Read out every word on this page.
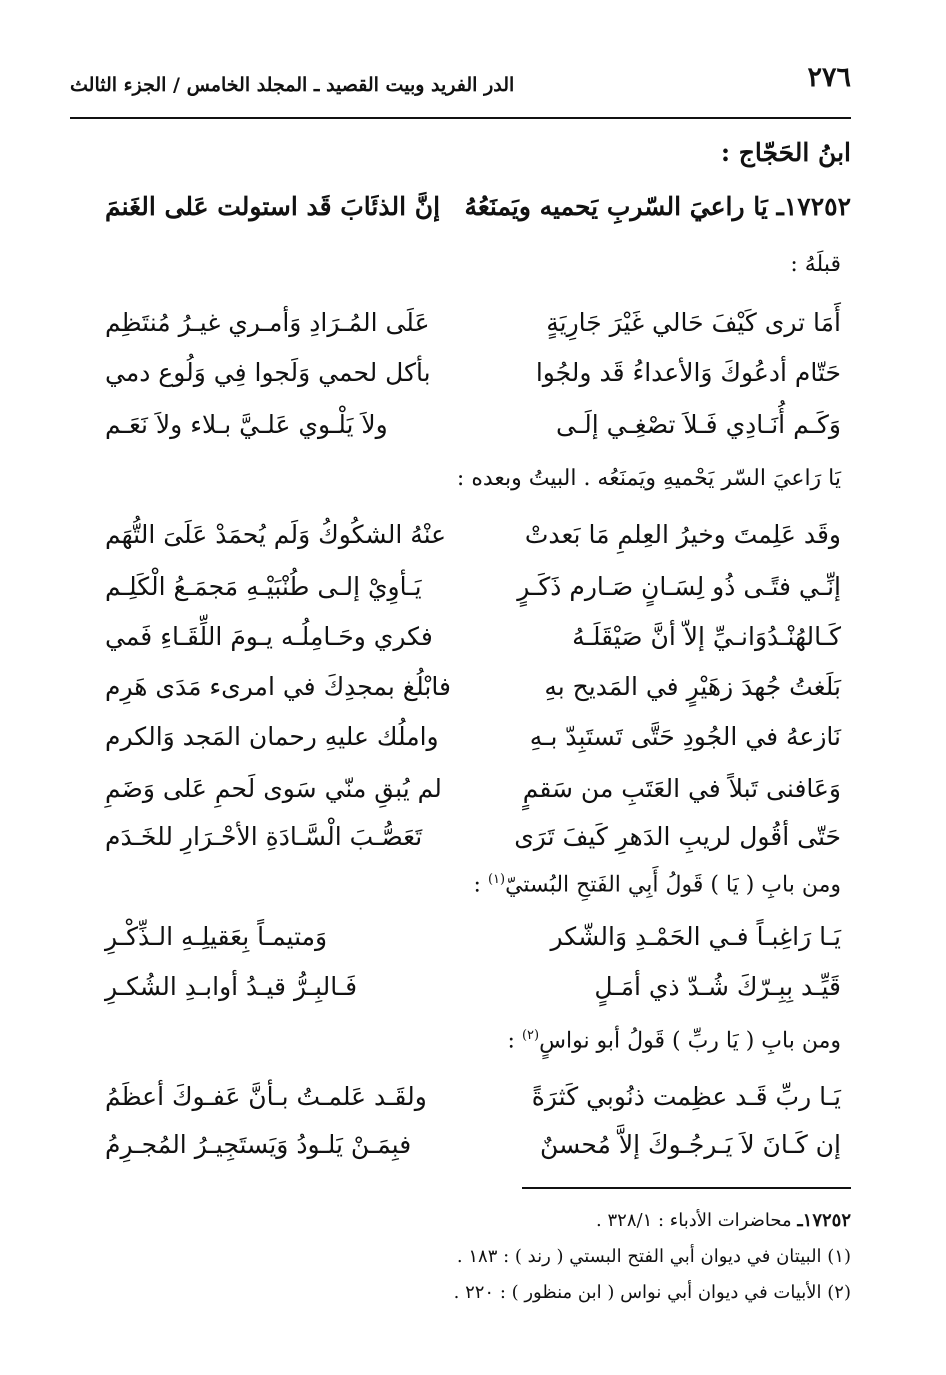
٢٧٦
الدر الفريد وبيت القصيد ـ المجلد الخامس / الجزء الثالث
ابنُ الحَجّاج :
١٧٢٥٢ـ يَا راعيَ السّربِ يَحميه ويَمنَعُهُ
إنَّ الذئَابَ قَد استولت عَلى الغَنمَ
قبلَهُ :
أَمَا ترى كَيْفَ حَالي غَيْرَ جَارِيَةٍ
عَلَى المُـرَادِ وَأمـري غيـرُ مُنتَظِم
حَتّام أدعُوكَ وَالأعداءُ قَد ولجُوا
بأكل لحمي وَلَجوا فِي وَلُوع دمي
وَكَـم أُنَـادِي فَـلاَ تصْغِـي إلَـى
ولاَ يَلْـوي عَلـيَّ بـلاء ولاَ نَعَـم
يَا رَاعيَ السّر يَحْميهِ ويَمنَعُه . البيتُ وبعده :
وقَد عَلِمتَ وخيرُ العِلمِ مَا بَعدتْ
عنْهُ الشكُوكُ وَلَم يُحمَدْ عَلَىَ التُّهَم
إنِّـي فتًـى ذُو لِسَـانٍ صَـارم ذَكَـرٍ
يَـأوِيْ إلـى طُنْبَيْـهِ مَجمَـعُ الْكَلِـم
كَـالهُنْـدُوَانـيِّ إلاّ أنَّ صَيْقَلَـهُ
فكري وحَـامِلُـه يـومَ اللِّقَـاءِ فَمي
بَلَغتُ جُهدَ زهَيْرٍ في المَديح بهِ
فابْلُغ بمجدِكَ في امرىء مَدَى هَرِم
نَازعهُ في الجُودِ حَتَّى تَستَبِدّ بـهِ
واملُك عليهِ رحمان المَجد وَالكرم
وَعَافنى تَبلاً في العَتَبِ من سَقمٍ
لم يُبقِ منّي سَوى لَحمِ عَلى وَضَمِ
حَتّى أقُول لريبِ الدَهرِ كَيفَ تَرَى
تَعَصُّـبَ الْسَّـادَةِ الأحْـرَارِ للخَـدَم
ومن بابِ ( يَا ) قَولُ أَبِي الفَتحِ البُستيّ$^{(١)}$ :
يَـا رَاغِبـاً فـي الحَمْـدِ وَالشّكر
وَمتيمـاً بِعَقيلِـهِ الـذِّكْـرِ
قَيِّـد بِبِـرّكَ شُـدّ ذي أمَـلٍ
فَـالبِـرُّ قيـدُ أوابـدِ الشُكـرِ
ومن بابِ ( يَا ربِّ ) قَولُ أبو نواسٍ$^{(٢)}$ :
يَـا ربِّ قَـد عظِمت ذنُوبي كَثرَةً
ولقَـد عَلمـتُ بـأنَّ عَفـوكَ أعظَمُ
إن كَـانَ لاَ يَـرجُـوكَ إلاَّ مُحسنٌ
فبِمَـنْ يَلـودُ وَيَستَجِيـرُ المُجـرِمُ
١٧٢٥٢ـ محاضرات الأدباء : ٣٢٨/١ .
(١) البيتان في ديوان أبي الفتح البستي ( رند ) : ١٨٣ .
(٢) الأبيات في ديوان أبي نواس ( ابن منظور ) : ٢٢٠ .
